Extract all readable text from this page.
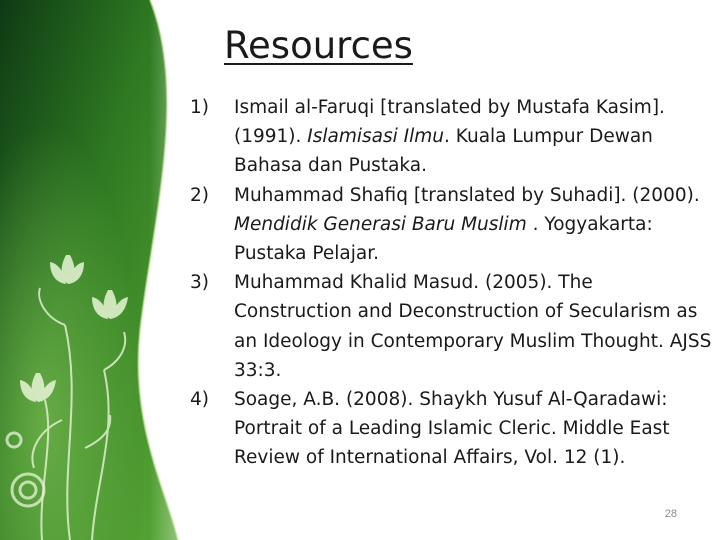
Resources
1) Ismail al-Faruqi [translated by Mustafa Kasim]. (1991). Islamisasi Ilmu. Kuala Lumpur Dewan Bahasa dan Pustaka.
2) Muhammad Shafiq [translated by Suhadi]. (2000). Mendidik Generasi Baru Muslim . Yogyakarta: Pustaka Pelajar.
3) Muhammad Khalid Masud. (2005). The Construction and Deconstruction of Secularism as an Ideology in Contemporary Muslim Thought. AJSS 33:3.
4) Soage, A.B. (2008). Shaykh Yusuf Al-Qaradawi: Portrait of a Leading Islamic Cleric. Middle East Review of International Affairs, Vol. 12 (1).
28
